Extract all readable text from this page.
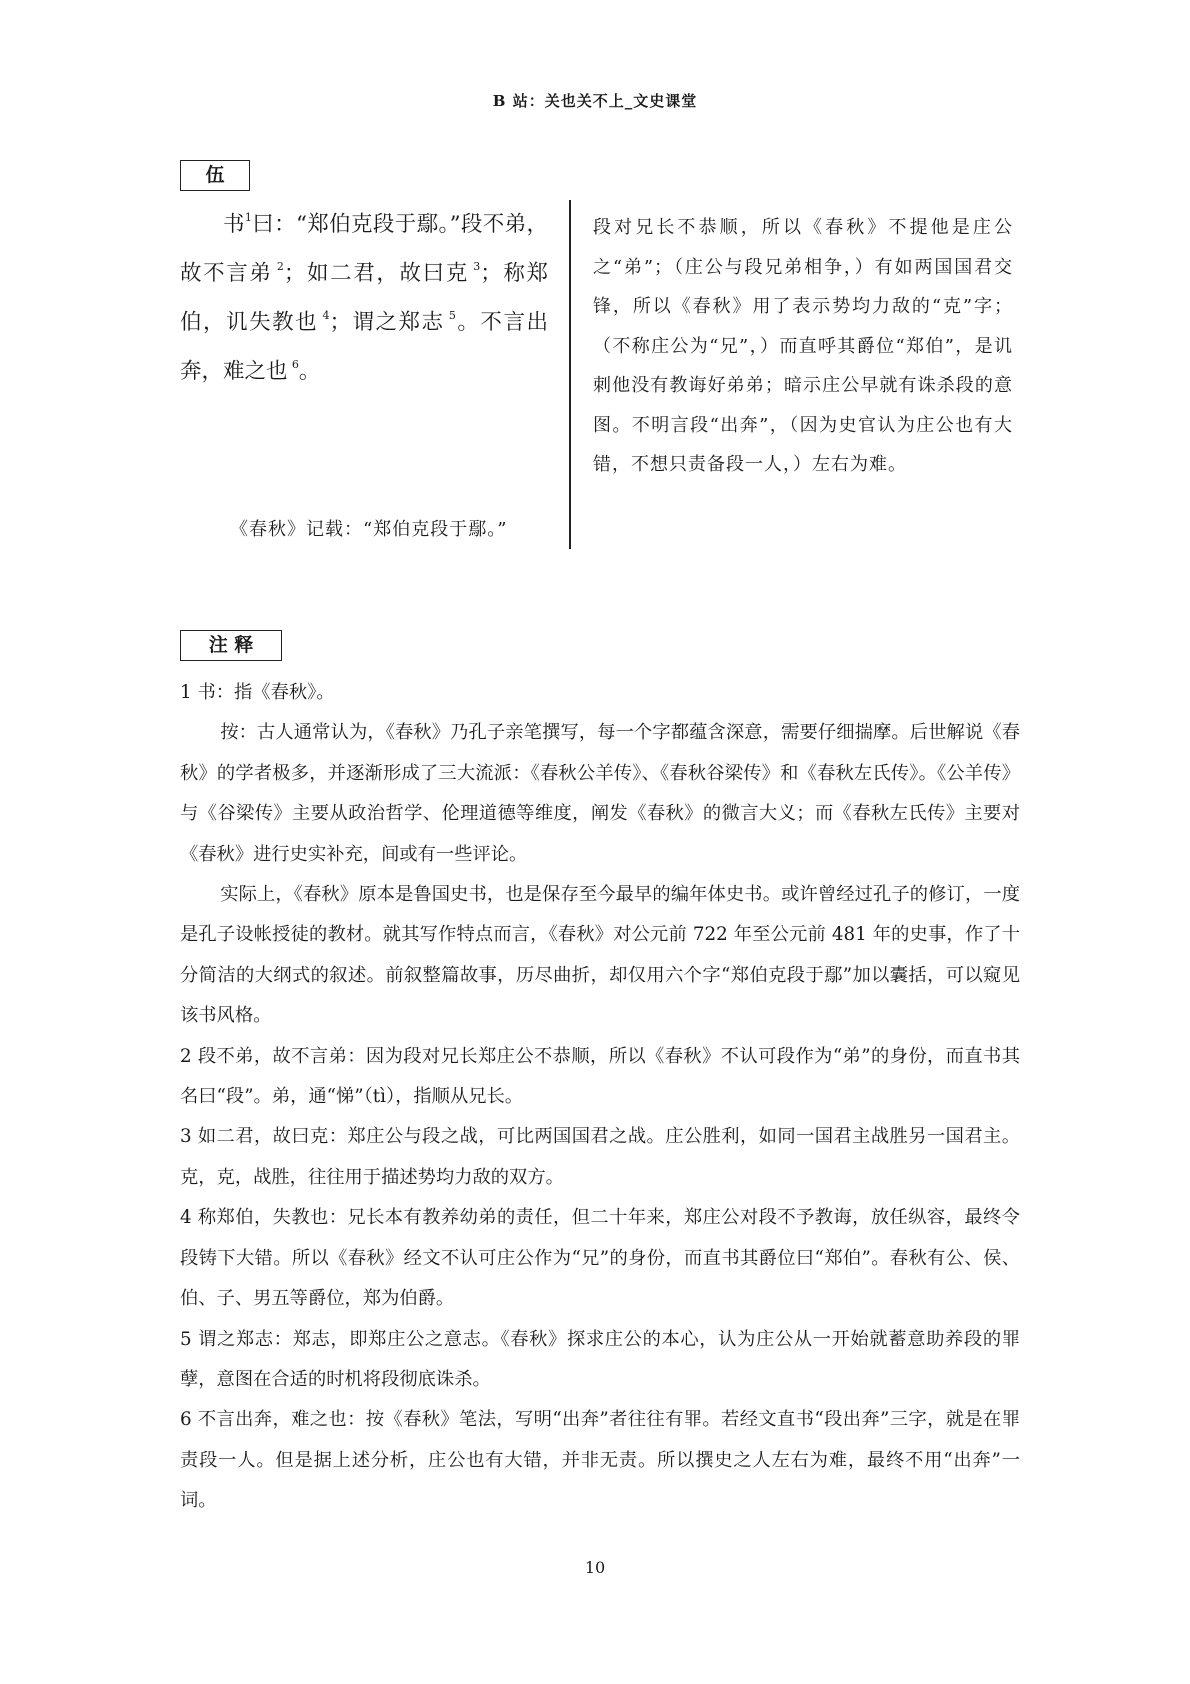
B 站：关也关不上_文史课堂
伍

书$^1$曰：“郑伯克段于鄢。”段不弟，故不言弟  $^2$；如二君，故曰克  $^3$；称郑伯，讥失教也  $^4$；谓之郑志  $^5$。不言出奔，难之也  $^6$。

《春秋》记载：“郑伯克段于鄢。”

段对兄长不恭顺，所以《春秋》不提他是庄公之“弟”；（庄公与段兄弟相争，）有如两国国君交锋，所以《春秋》用了表示势均力敌的“克”字；（不称庄公为“兄”，）而直呼其爵位“郑伯”，是讥刺他没有教诲好弟弟；暗示庄公早就有诛杀段的意图。不明言段“出奔”，（因为史官认为庄公也有大错，不想只责备段一人，）左右为难。

注 释

1 书：指《春秋》。

按：古人通常认为，《春秋》乃孔子亲笔撰写，每一个字都蕴含深意，需要仔细揣摩。后世解说《春秋》的学者极多，并逐渐形成了三大流派：《春秋公羊传》、《春秋谷梁传》和《春秋左氏传》。《公羊传》与《谷梁传》主要从政治哲学、伦理道德等维度，阐发《春秋》的微言大义；而《春秋左氏传》主要对《春秋》进行史实补充，间或有一些评论。

实际上，《春秋》原本是鲁国史书，也是保存至今最早的编年体史书。或许曾经过孔子的修订，一度是孔子设帐授徒的教材。就其写作特点而言，《春秋》对公元前 722 年至公元前 481 年的史事，作了十分简洁的大纲式的叙述。前叙整篇故事，历尽曲折，却仅用六个字“郑伯克段于鄢”加以囊括，可以窥见该书风格。

2 段不弟，故不言弟：因为段对兄长郑庄公不恭顺，所以《春秋》不认可段作为“弟”的身份，而直书其名曰“段”。弟，通“悌”（tì），指顺从兄长。

3 如二君，故曰克：郑庄公与段之战，可比两国国君之战。庄公胜利，如同一国君主战胜另一国君主。克，克，战胜，往往用于描述势均力敌的双方。

4 称郑伯，失教也：兄长本有教养幼弟的责任，但二十年来，郑庄公对段不予教诲，放任纵容，最终令段铸下大错。所以《春秋》经文不认可庄公作为“兄”的身份，而直书其爵位曰“郑伯”。春秋有公、侯、伯、子、男五等爵位，郑为伯爵。

5 谓之郑志：郑志，即郑庄公之意志。《春秋》探求庄公的本心，认为庄公从一开始就蓄意助养段的罪孽，意图在合适的时机将段彻底诛杀。

6 不言出奔，难之也：按《春秋》笔法，写明“出奔”者往往有罪。若经文直书“段出奔”三字，就是在罪责段一人。但是据上述分析，庄公也有大错，并非无责。所以撰史之人左右为难，最终不用“出奔”一词。

10
